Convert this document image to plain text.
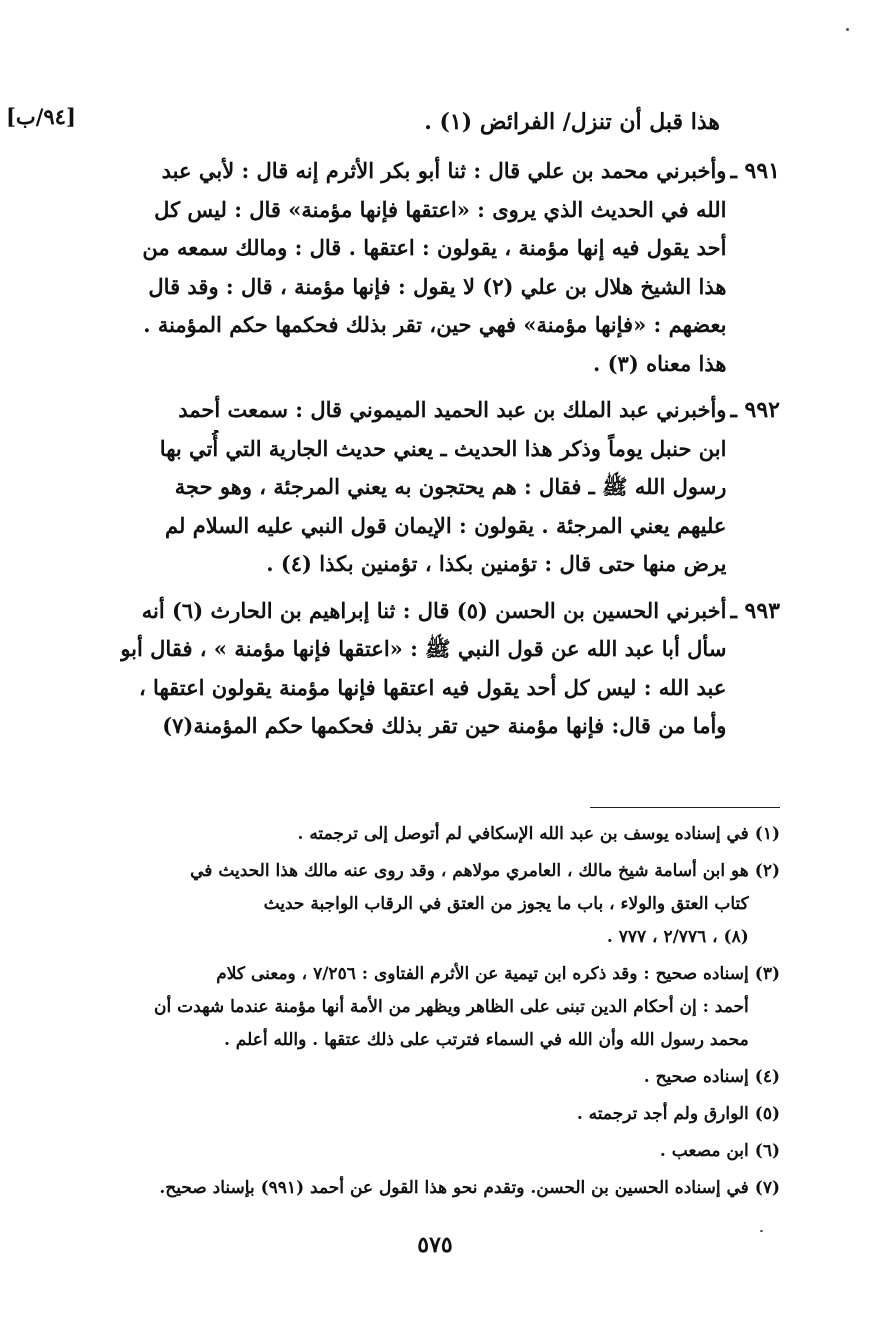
[٩٤/ب]	هذا قبل أن تنزل/ الفرائض (١) .
٩٩١ ـ
وأخبرني محمد بن علي قال : ثنا أبو بكر الأثرم إنه قال : لأبي عبد
الله في الحديث الذي يروى : «اعتقها فإنها مؤمنة» قال : ليس كل
أحد يقول فيه إنها مؤمنة ، يقولون : اعتقها . قال : ومالك سمعه من
هذا الشيخ هلال بن علي (٢) لا يقول : فإنها مؤمنة ، قال : وقد قال
بعضهم : «فإنها مؤمنة» فهي حين، تقر بذلك فحكمها حكم المؤمنة .
هذا معناه (٣) .
٩٩٢ ـ
وأخبرني عبد الملك بن عبد الحميد الميموني قال : سمعت أحمد
ابن حنبل يوماً وذكر هذا الحديث ـ يعني حديث الجارية التي أُتي بها
رسول الله ﷺ ـ فقال : هم يحتجون به يعني المرجئة ، وهو حجة
عليهم يعني المرجئة . يقولون : الإيمان قول النبي عليه السلام لم
يرض منها حتى قال : تؤمنين بكذا ، تؤمنين بكذا (٤) .
٩٩٣ ـ
أخبرني الحسين بن الحسن (٥) قال : ثنا إبراهيم بن الحارث (٦) أنه
سأل أبا عبد الله عن قول النبي ﷺ : «اعتقها فإنها مؤمنة » ، فقال أبو
عبد الله : ليس كل أحد يقول فيه اعتقها فإنها مؤمنة يقولون اعتقها ،
وأما من قال: فإنها مؤمنة حين تقر بذلك فحكمها حكم المؤمنة(٧)
(١)
في إسناده يوسف بن عبد الله الإسكافي لم أتوصل إلى ترجمته .
(٢)
هو ابن أسامة شيخ مالك ، العامري مولاهم ، وقد روى عنه مالك هذا الحديث في
كتاب العتق والولاء ، باب ما يجوز من العتق في الرقاب الواجبة حديث
(٨) ، ٢/٧٧٦ ، ٧٧٧ .
(٣)
إسناده صحيح : وقد ذكره ابن تيمية عن الأثرم الفتاوى : ٧/٢٥٦ ، ومعنى كلام
أحمد : إن أحكام الدين تبنى على الظاهر ويظهر من الأمة أنها مؤمنة عندما شهدت أن
محمد رسول الله وأن الله في السماء فترتب على ذلك عتقها . والله أعلم .
(٤)
إسناده صحيح .
(٥)
الوارق ولم أجد ترجمته .
(٦)
ابن مصعب .
(٧)
في إسناده الحسين بن الحسن. وتقدم نحو هذا القول عن أحمد (٩٩١) بإسناد صحيح.
٥٧٥
